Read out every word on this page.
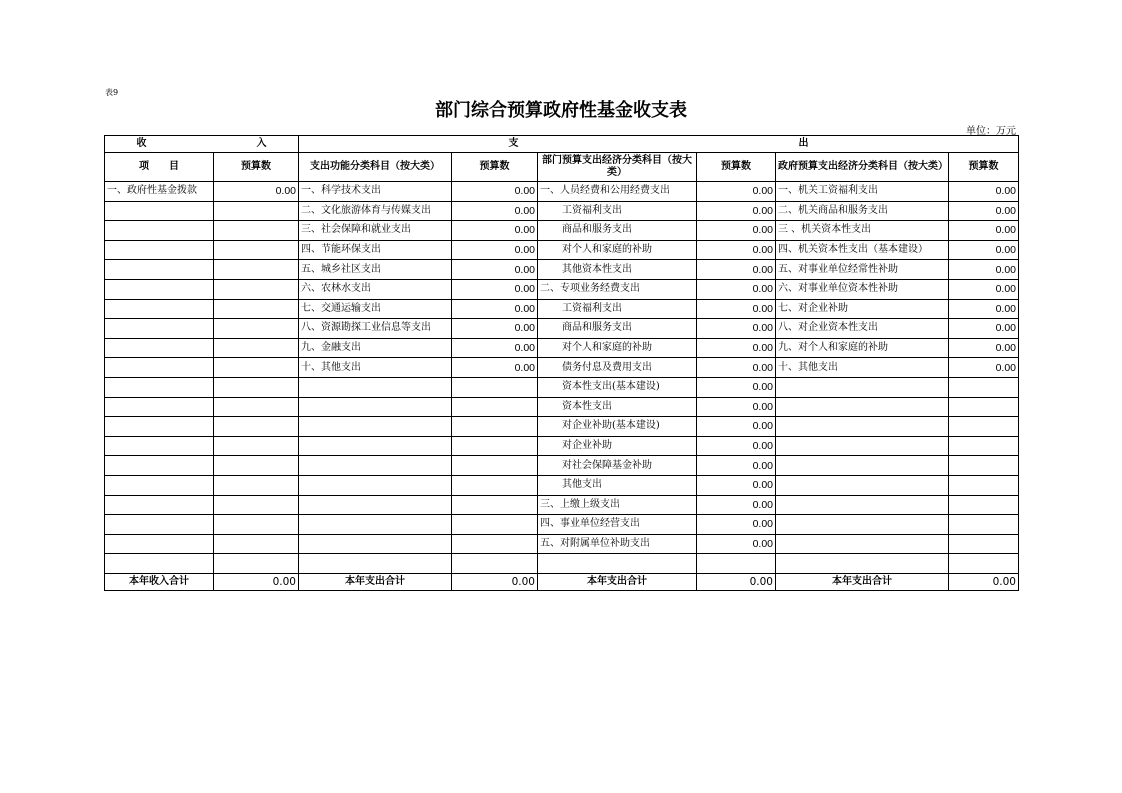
表9
部门综合预算政府性基金收支表
单位：万元
收　　　　　　　　　　　入		支　　　　　　　　　　　　　　　　　　　　　　　　　　　　出					
项　　目	预算数	支出功能分类科目（按大类）	预算数	部门预算支出经济分类科目（按大类）	预算数	政府预算支出经济分类科目（按大类）	预算数
一、政府性基金拨款	0.00	一、科学技术支出	0.00	一、人员经费和公用经费支出	0.00	一、机关工资福利支出	0.00
		二、文化旅游体育与传媒支出	0.00	工资福利支出	0.00	二、机关商品和服务支出	0.00
		三、社会保障和就业支出	0.00	商品和服务支出	0.00	三 、机关资本性支出	0.00
		四、节能环保支出	0.00	对个人和家庭的补助	0.00	四、机关资本性支出（基本建设）	0.00
		五、城乡社区支出	0.00	其他资本性支出	0.00	五、对事业单位经常性补助	0.00
		六、农林水支出	0.00	二、专项业务经费支出	0.00	六、对事业单位资本性补助	0.00
		七、交通运输支出	0.00	工资福利支出	0.00	七、对企业补助	0.00
		八、资源勘探工业信息等支出	0.00	商品和服务支出	0.00	八、对企业资本性支出	0.00
		九、金融支出	0.00	对个人和家庭的补助	0.00	九、对个人和家庭的补助	0.00
		十、其他支出	0.00	债务付息及费用支出	0.00	十、其他支出	0.00
				资本性支出(基本建设)	0.00		
				资本性支出	0.00		
				对企业补助(基本建设)	0.00		
				对企业补助	0.00		
				对社会保障基金补助	0.00		
				其他支出	0.00		
				三、上缴上级支出	0.00		
				四、事业单位经营支出	0.00		
				五、对附属单位补助支出	0.00		

本年收入合计	0.00	本年支出合计	0.00	本年支出合计	0.00	本年支出合计	0.00
